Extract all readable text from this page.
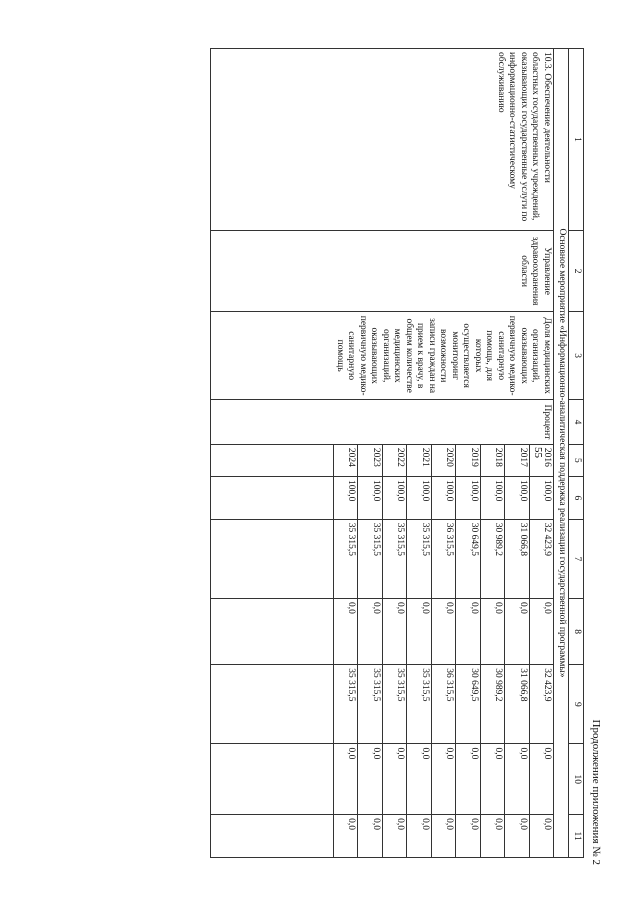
55
Продолжение приложения № 2
1	2	3	4	5	6	7	8	9	10	11
Основное мероприятие «Информационно-аналитическая поддержка реализации государственной программы»										
10.3. Обеспечение деятельности областных государственных учреждений, оказывающих государственные услуги по информационно-статистическому обслуживанию	Управление здравоохранения области	Доля медицинских организаций, оказывающих первичную медико-санитарную помощь, для которых осуществляется мониторинг возможности записи граждан на прием к врачу, в общем количестве медицинских организаций, оказывающих первичную медико-санитарную помощь	Процент	2016	100,0	32 423,9	0,0	32 423,9	0,0	0,0
				2017	100,0	31 066,8	0,0	31 066,8	0,0	0,0
				2018	100,0	30 989,2	0,0	30 989,2	0,0	0,0
				2019	100,0	30 649,5	0,0	30 649,5	0,0	0,0
				2020	100,0	36 315,5	0,0	36 315,5	0,0	0,0
				2021	100,0	35 315,5	0,0	35 315,5	0,0	0,0
				2022	100,0	35 315,5	0,0	35 315,5	0,0	0,0
				2023	100,0	35 315,5	0,0	35 315,5	0,0	0,0
				2024	100,0	35 315,5	0,0	35 315,5	0,0	0,0
